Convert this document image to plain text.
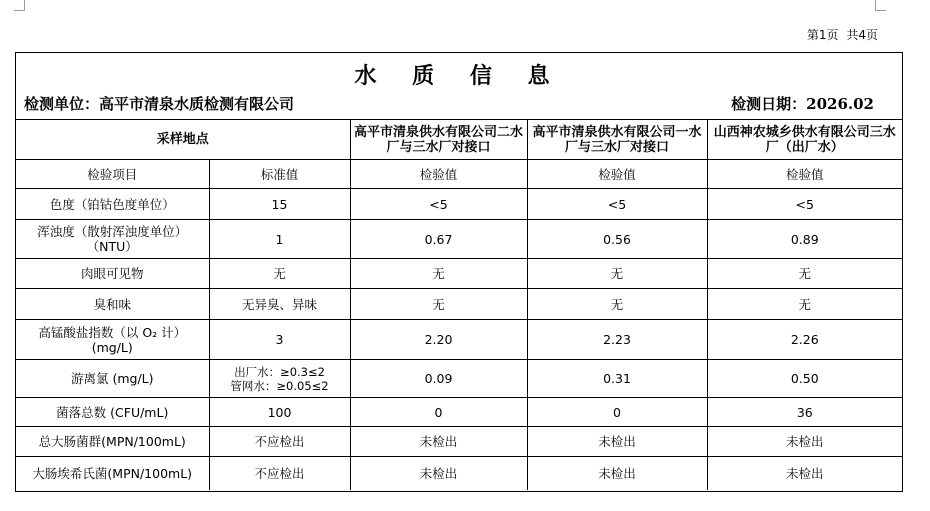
第1页 共4页
水 质 信 息
检测单位：高平市清泉水质检测有限公司	检测日期：2026.02
采样地点		高平市清泉供水有限公司二水厂与三水厂对接口	高平市清泉供水有限公司一水厂与三水厂对接口	山西神农城乡供水有限公司三水厂（出厂水）
检验项目	标准值	检验值	检验值	检验值
色度（铂钴色度单位）	15	<5	<5	<5
浑浊度（散射浑浊度单位）（NTU）	1	0.67	0.56	0.89
肉眼可见物	无	无	无	无
臭和味	无异臭、异味	无	无	无
高锰酸盐指数（以 O₂ 计）(mg/L)	3	2.20	2.23	2.26
游离氯 (mg/L)	出厂水：≥0.3≤2
管网水：≥0.05≤2	0.09	0.31	0.50
菌落总数 (CFU/mL)	100	0	0	36
总大肠菌群(MPN/100mL)	不应检出	未检出	未检出	未检出
大肠埃希氏菌(MPN/100mL)	不应检出	未检出	未检出	未检出
